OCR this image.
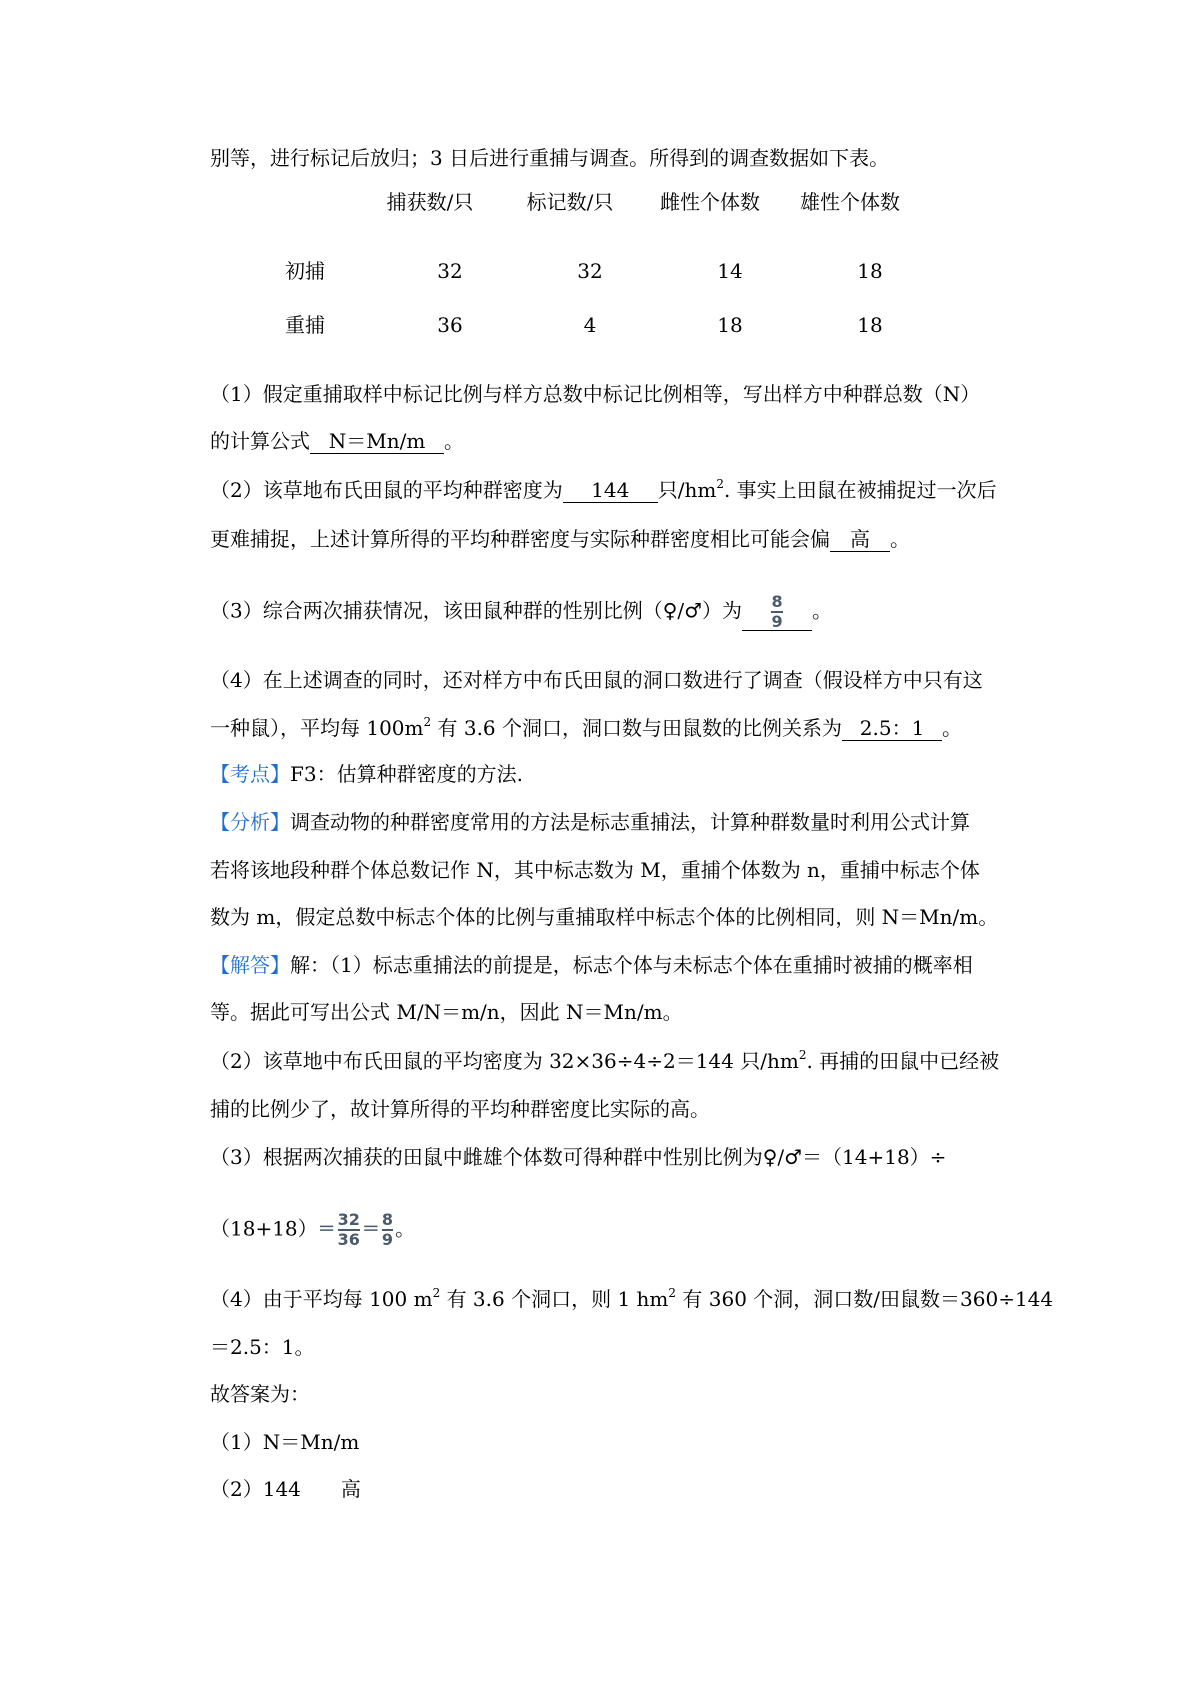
别等，进行标记后放归；3 日后进行重捕与调查。所得到的调查数据如下表。
捕获数/只	标记数/只	雌性个体数	雄性个体数
初捕	32	32	14	18
重捕	36	4	18	18
（1）假定重捕取样中标记比例与样方总数中标记比例相等，写出样方中种群总数（N）
的计算公式 N＝Mn/m 。
（2）该草地布氏田鼠的平均种群密度为 144 只$/hm^2$. 事实上田鼠在被捕捉过一次后
更难捕捉，上述计算所得的平均种群密度与实际种群密度相比可能会偏 高 。
（3）综合两次捕获情况，该田鼠种群的性别比例（♀/♂）为 $\frac{8}{9}$ 。
（4）在上述调查的同时，还对样方中布氏田鼠的洞口数进行了调查（假设样方中只有这
一种鼠），平均每 $100m^2$ 有 3.6 个洞口，洞口数与田鼠数的比例关系为 2.5：1 。
【考点】F3：估算种群密度的方法.
【分析】调查动物的种群密度常用的方法是标志重捕法，计算种群数量时利用公式计算
若将该地段种群个体总数记作 N，其中标志数为 M，重捕个体数为 n，重捕中标志个体
数为 m，假定总数中标志个体的比例与重捕取样中标志个体的比例相同，则 N＝Mn/m。
【解答】解：（1）标志重捕法的前提是，标志个体与未标志个体在重捕时被捕的概率相
等。据此可写出公式 M/N＝m/n，因此 N＝Mn/m。
（2）该草地中布氏田鼠的平均密度为 32×36÷4÷2＝144 只$/hm^2$. 再捕的田鼠中已经被
捕的比例少了，故计算所得的平均种群密度比实际的高。
（3）根据两次捕获的田鼠中雌雄个体数可得种群中性别比例为♀/♂＝（14+18）÷
$(18+18)= \frac{32}{36} = \frac{8}{9}$ 。
（4）由于平均每 100 $m^2$ 有 3.6 个洞口，则 1 $hm^2$ 有 360 个洞，洞口数/田鼠数＝360÷144
＝2.5：1。
故答案为：
（1）N＝Mn/m
（2）144　　高
